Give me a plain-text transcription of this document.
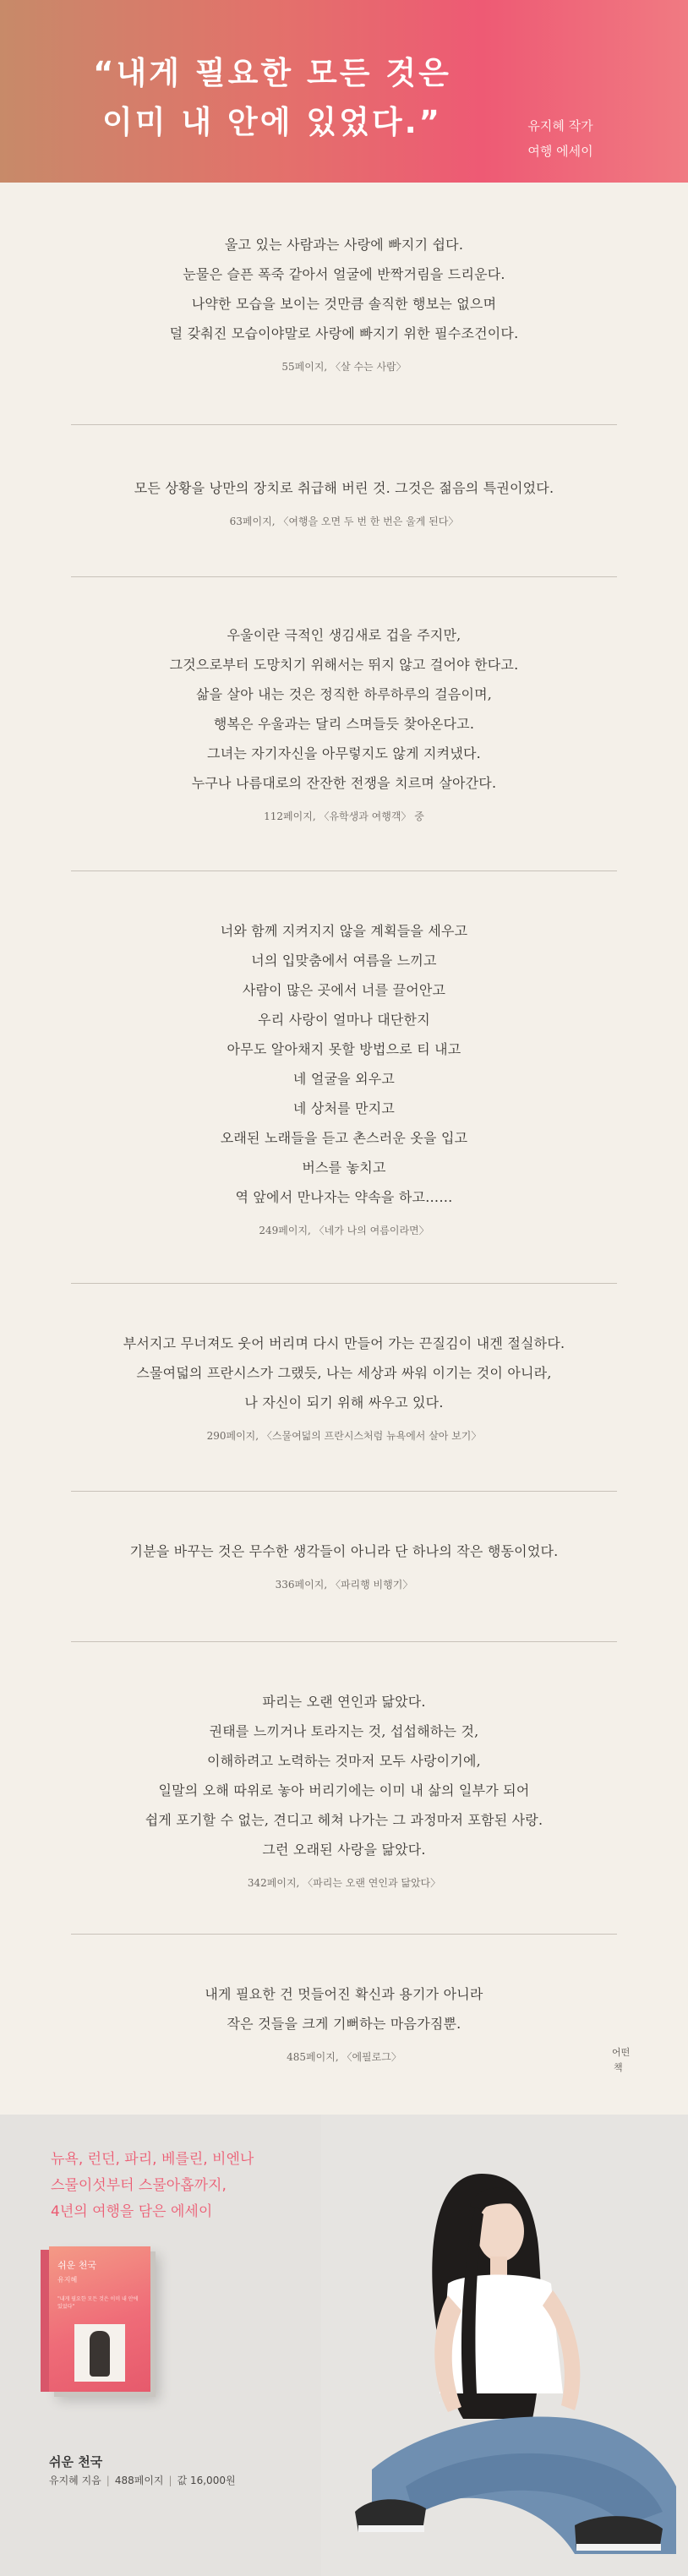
“내게 필요한 모든 것은
이미 내 안에 있었다.”	유지혜 작가
여행 에세이
울고 있는 사람과는 사랑에 빠지기 쉽다.
눈물은 슬픈 폭죽 같아서 얼굴에 반짝거림을 드리운다.
나약한 모습을 보이는 것만큼 솔직한 행보는 없으며
덜 갖춰진 모습이야말로 사랑에 빠지기 위한 필수조건이다.
55페이지, 〈살 수는 사람〉
모든 상황을 낭만의 장치로 취급해 버린 것. 그것은 젊음의 특권이었다.
63페이지, 〈여행을 오면 두 번 한 번은 울게 된다〉
우울이란 극적인 생김새로 겁을 주지만,
그것으로부터 도망치기 위해서는 뛰지 않고 걸어야 한다고.
삶을 살아 내는 것은 정직한 하루하루의 걸음이며,
행복은 우울과는 달리 스며들듯 찾아온다고.
그녀는 자기자신을 아무렇지도 않게 지켜냈다.
누구나 나름대로의 잔잔한 전쟁을 치르며 살아간다.
112페이지, 〈유학생과 여행객〉 중
너와 함께 지켜지지 않을 계획들을 세우고
너의 입맞춤에서 여름을 느끼고
사람이 많은 곳에서 너를 끌어안고
우리 사랑이 얼마나 대단한지
아무도 알아채지 못할 방법으로 티 내고
네 얼굴을 외우고
네 상처를 만지고
오래된 노래들을 듣고 촌스러운 옷을 입고
버스를 놓치고
역 앞에서 만나자는 약속을 하고……
249페이지, 〈네가 나의 여름이라면〉
부서지고 무너져도 웃어 버리며 다시 만들어 가는 끈질김이 내겐 절실하다.
스물여덟의 프란시스가 그랬듯, 나는 세상과 싸워 이기는 것이 아니라,
나 자신이 되기 위해 싸우고 있다.
290페이지, 〈스물여덟의 프란시스처럼 뉴욕에서 살아 보기〉
기분을 바꾸는 것은 무수한 생각들이 아니라 단 하나의 작은 행동이었다.
336페이지, 〈파리행 비행기〉
파리는 오랜 연인과 닮았다.
권태를 느끼거나 토라지는 것, 섭섭해하는 것,
이해하려고 노력하는 것마저 모두 사랑이기에,
일말의 오해 따위로 놓아 버리기에는 이미 내 삶의 일부가 되어
쉽게 포기할 수 없는, 견디고 헤쳐 나가는 그 과정마저 포함된 사랑.
그런 오래된 사랑을 닮았다.
342페이지, 〈파리는 오랜 연인과 닮았다〉
내게 필요한 건 멋들어진 확신과 용기가 아니라
작은 것들을 크게 기뻐하는 마음가짐뿐.
485페이지, 〈에필로그〉	어떤
책
뉴욕, 런던, 파리, 베를린, 비엔나
스물이섯부터 스물아홉까지,
4년의 여행을 담은 에세이
쉬운 천국
유지혜
"내게 필요한 모든 것은 이미 내 안에 있었다"
쉬운 천국
유지혜 지음 | 488페이지 | 값 16,000원
